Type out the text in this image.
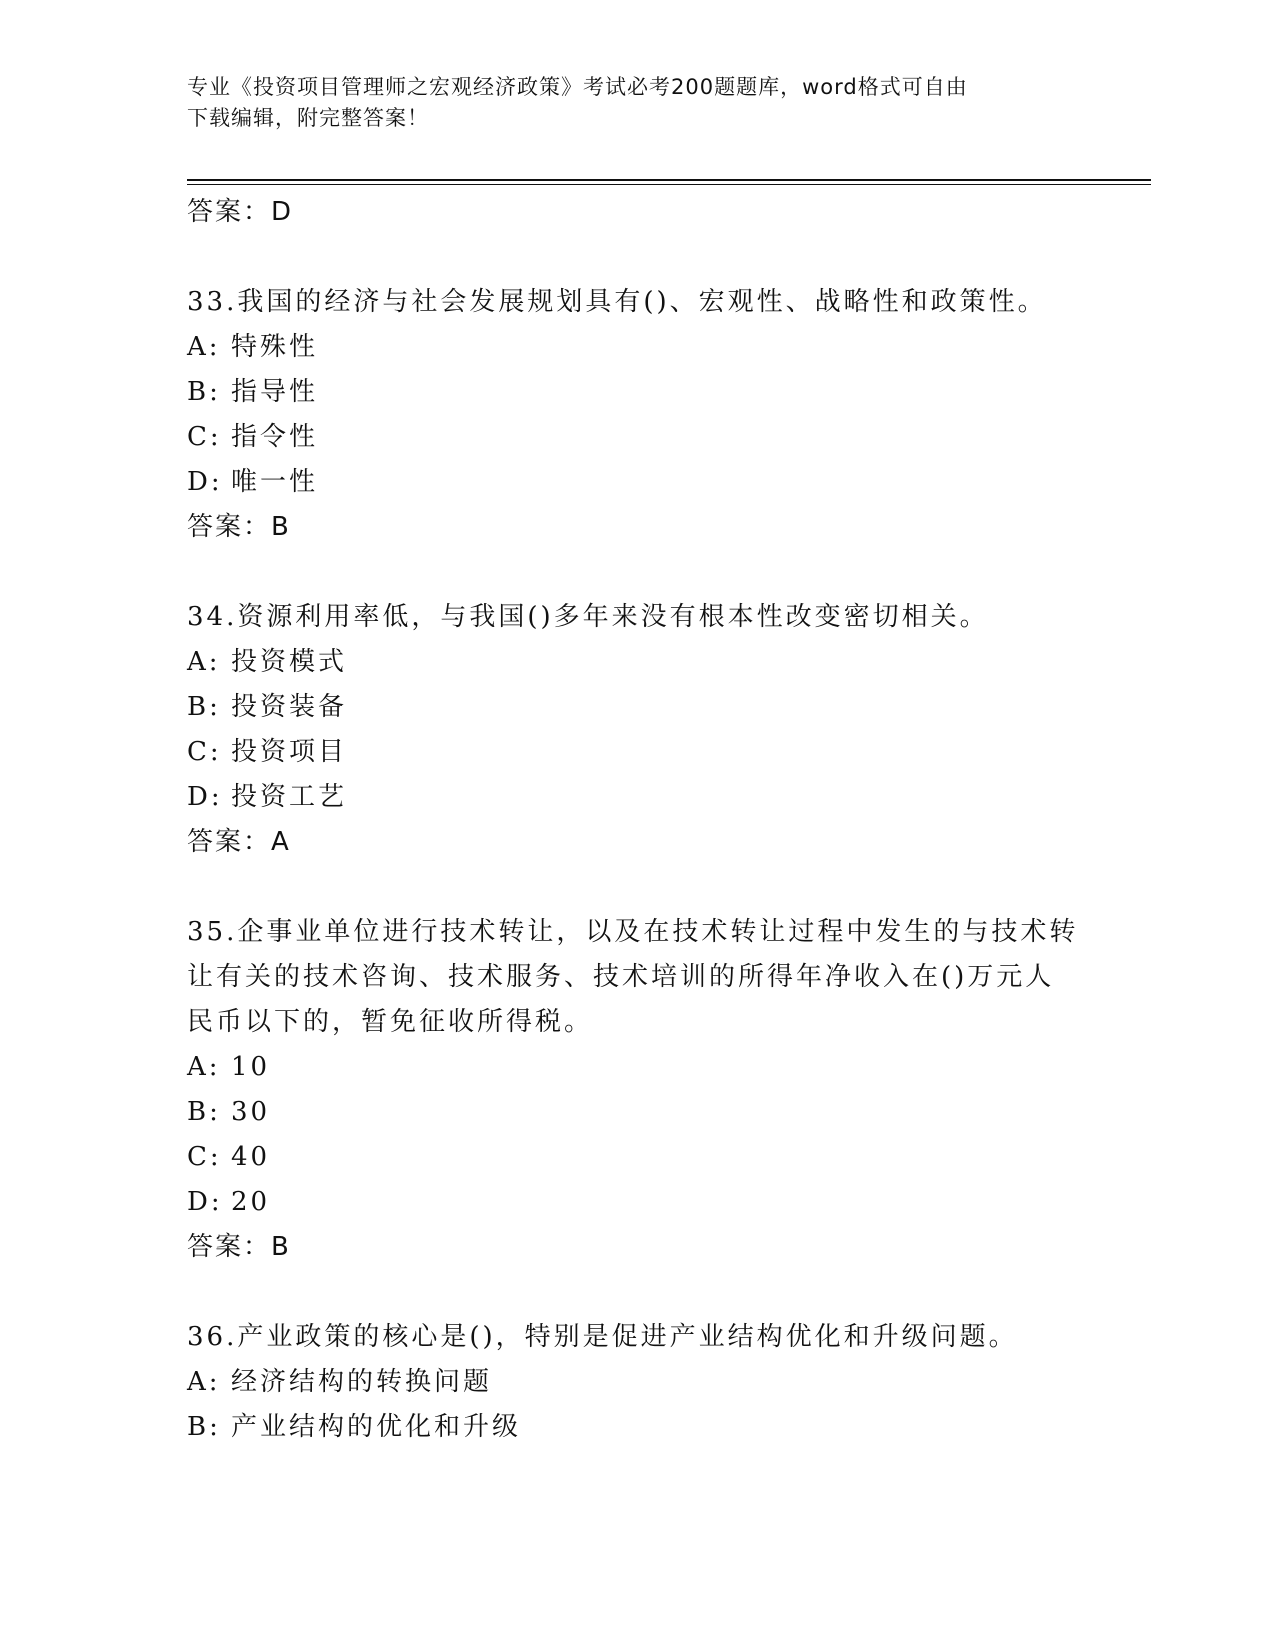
专业《投资项目管理师之宏观经济政策》考试必考200题题库，word格式可自由
下载编辑，附完整答案！
答案：D
33.我国的经济与社会发展规划具有()、宏观性、战略性和政策性。
A: 特殊性
B: 指导性
C: 指令性
D: 唯一性
答案：B
34.资源利用率低，与我国()多年来没有根本性改变密切相关。
A: 投资模式
B: 投资装备
C: 投资项目
D: 投资工艺
答案：A
35.企事业单位进行技术转让，以及在技术转让过程中发生的与技术转
让有关的技术咨询、技术服务、技术培训的所得年净收入在()万元人
民币以下的，暂免征收所得税。
A: 10
B: 30
C: 40
D: 20
答案：B
36.产业政策的核心是()，特别是促进产业结构优化和升级问题。
A: 经济结构的转换问题
B: 产业结构的优化和升级
